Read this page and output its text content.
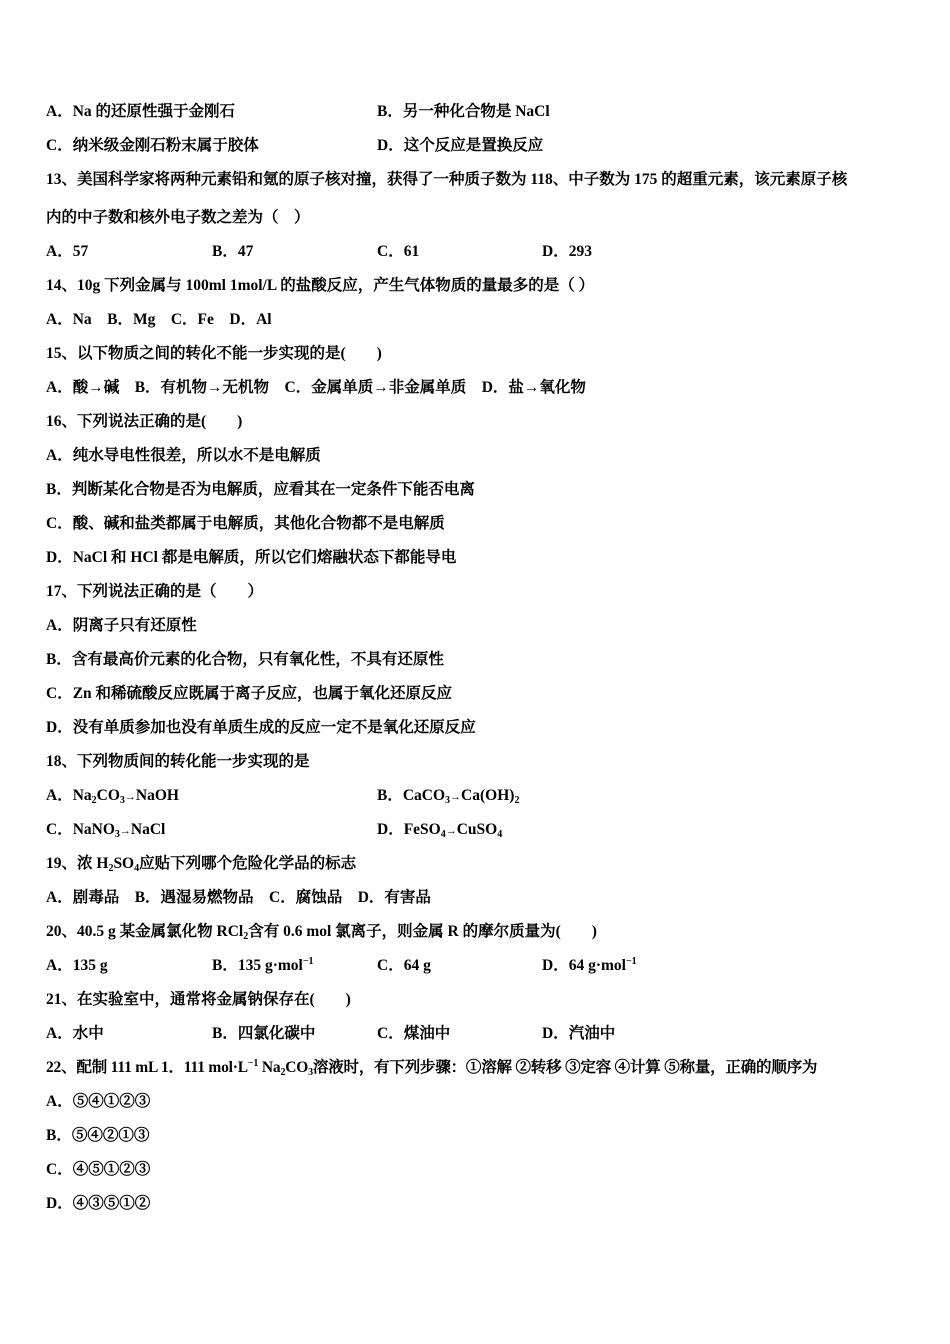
A．Na 的还原性强于金刚石	B．另一种化合物是 NaCl
C．纳米级金刚石粉末属于胶体	D．这个反应是置换反应
13、美国科学家将两种元素铅和氪的原子核对撞，获得了一种质子数为 118、中子数为 175 的超重元素，该元素原子核
内的中子数和核外电子数之差为（　）
A．57	B．47	C．61	D．293
14、10g 下列金属与 100ml 1mol/L 的盐酸反应，产生气体物质的量最多的是（ ）
A．Na　B．Mg　C．Fe　D．Al
15、以下物质之间的转化不能一步实现的是(　　)
A．酸→碱　B．有机物→无机物　C．金属单质→非金属单质　D．盐→氧化物
16、下列说法正确的是(　　)
A．纯水导电性很差，所以水不是电解质
B．判断某化合物是否为电解质，应看其在一定条件下能否电离
C．酸、碱和盐类都属于电解质，其他化合物都不是电解质
D．NaCl 和 HCl 都是电解质，所以它们熔融状态下都能导电
17、下列说法正确的是（　　）
A．阴离子只有还原性
B．含有最高价元素的化合物，只有氧化性，不具有还原性
C．Zn 和稀硫酸反应既属于离子反应，也属于氧化还原反应
D．没有单质参加也没有单质生成的反应一定不是氧化还原反应
18、下列物质间的转化能一步实现的是
A．$Na_2CO_3\to NaOH$	B．$CaCO_3\to Ca(OH)_2$
C．NaNO$_3$→NaCl	D．FeSO$_4$→CuSO$_4$
19、浓 $H_2SO_4$应贴下列哪个危险化学品的标志
A．剧毒品　B．遇湿易燃物品　C．腐蚀品　D．有害品
20、40.5 g 某金属氯化物 RCl$_2$含有 0.6 mol 氯离子，则金属 R 的摩尔质量为(　　)
A．135 g	B．135 g·mol$^{-1}$	C．64 g	D．64 g·mol$^{-1}$
21、在实验室中，通常将金属钠保存在(　　)
A．水中	B．四氯化碳中	C．煤油中	D．汽油中
22、配制 111 mL 1．111 $mol\cdot L^{-1}$ $Na_2CO_3$溶液时，有下列步骤：①溶解 ②转移 ③定容 ④计算 ⑤称量，正确的顺序为
A．⑤④①②③
B．⑤④②①③
C．④⑤①②③
D．④③⑤①②
